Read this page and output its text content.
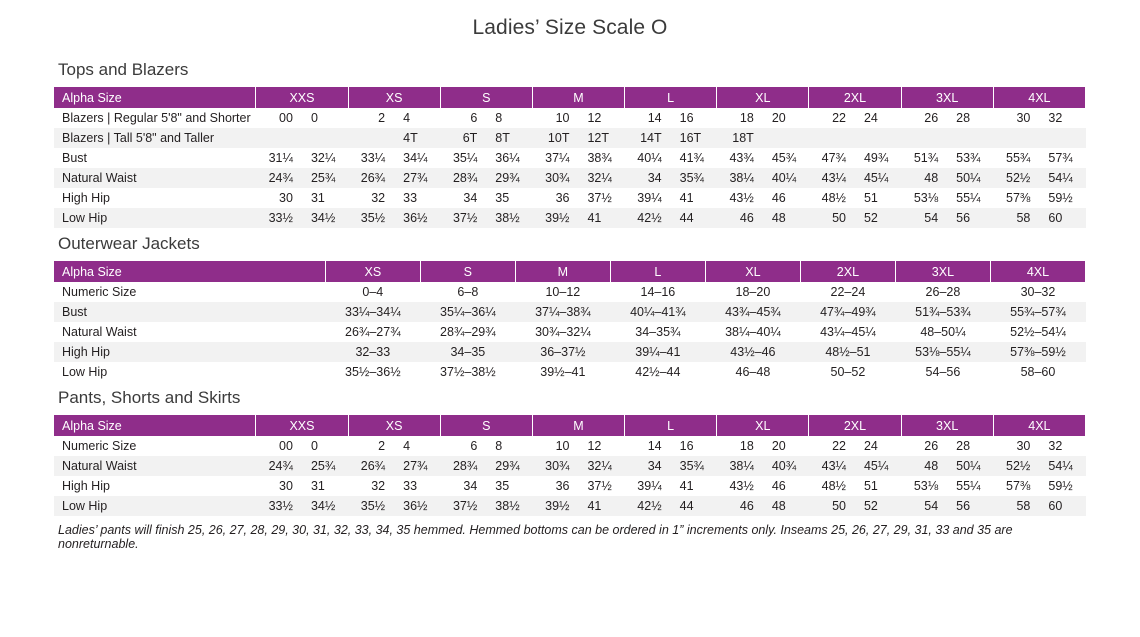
Ladies’ Size Scale O
Tops and Blazers
Alpha Size	XXS	XS	S	M	L	XL	2XL	3XL	4XL
Blazers | Regular 5'8" and Shorter	00 0	2 4	6 8	10 12	14 16	18 20	22 24	26 28	30 32

Blazers | Tall 5'8" and Taller		4T	6T 8T	10T 12T	14T 16T	18T			

Bust	31¼ 32¼	33¼ 34¼	35¼ 36¼	37¼ 38¾	40¼ 41¾	43¾ 45¾	47¾ 49¾	51¾ 53¾	55¾ 57¾

Natural Waist	24¾ 25¾	26¾ 27¾	28¾ 29¾	30¾ 32¼	34 35¾	38¼ 40¼	43¼ 45¼	48 50¼	52½ 54¼

High Hip	30 31	32 33	34 35	36 37½	39¼ 41	43½ 46	48½ 51	53⅛ 55¼	57⅜ 59½

Low Hip	33½ 34½	35½ 36½	37½ 38½	39½ 41	42½ 44	46 48	50 52	54 56	58 60
Outerwear Jackets
Alpha Size	XS	S	M	L	XL	2XL	3XL	4XL
Numeric Size	0–4	6–8	10–12	14–16	18–20	22–24	26–28	30–32
Bust	33¼–34¼	35¼–36¼	37¼–38¾	40¼–41¾	43¾–45¾	47¾–49¾	51¾–53¾	55¾–57¾
Natural Waist	26¾–27¾	28¾–29¾	30¾–32¼	34–35¾	38¼–40¼	43¼–45¼	48–50¼	52½–54¼
High Hip	32–33	34–35	36–37½	39¼–41	43½–46	48½–51	53⅛–55¼	57⅜–59½
Low Hip	35½–36½	37½–38½	39½–41	42½–44	46–48	50–52	54–56	58–60
Pants, Shorts and Skirts
Alpha Size	XXS	XS	S	M	L	XL	2XL	3XL	4XL
Numeric Size	00 0	2 4	6 8	10 12	14 16	18 20	22 24	26 28	30 32

Natural Waist	24¾ 25¾	26¾ 27¾	28¾ 29¾	30¾ 32¼	34 35¾	38¼ 40¾	43¼ 45¼	48 50¼	52½ 54¼

High Hip	30 31	32 33	34 35	36 37½	39¼ 41	43½ 46	48½ 51	53⅛ 55¼	57⅜ 59½

Low Hip	33½ 34½	35½ 36½	37½ 38½	39½ 41	42½ 44	46 48	50 52	54 56	58 60
Ladies’ pants will finish 25, 26, 27, 28, 29, 30, 31, 32, 33, 34, 35 hemmed. Hemmed bottoms can be ordered in 1” increments only. Inseams 25, 26, 27, 29, 31, 33 and 35 are nonreturnable.
